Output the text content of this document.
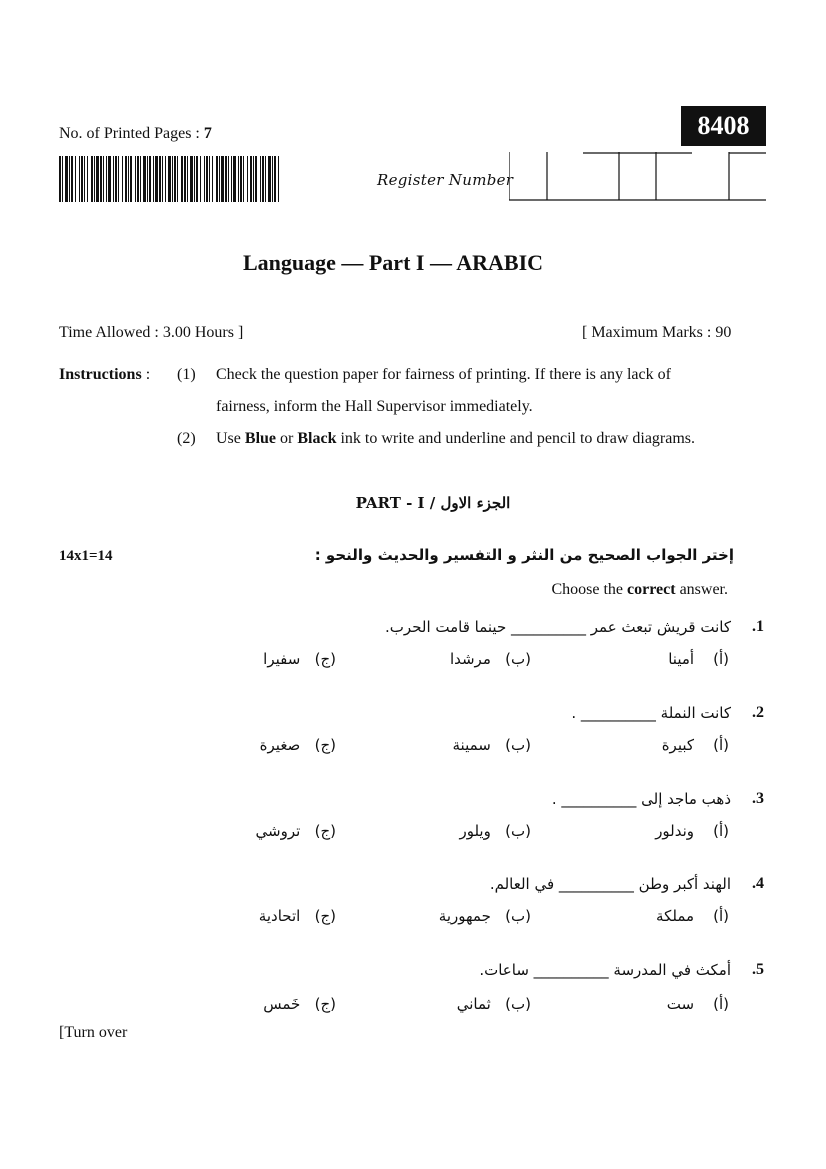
No. of Printed Pages : 7	8408
Register Number
Language — Part I — ARABIC
Time Allowed : 3.00 Hours ]	[ Maximum Marks : 90
Instructions : (1) Check the question paper for fairness of printing. If there is any lack of
fairness, inform the Hall Supervisor immediately.
(2) Use Blue or Black ink to write and underline and pencil to draw diagrams.
PART - I / الجزء الاول
14x1=14	إختر الجواب الصحيح من النثر و التفسير والحديث والنحو :
Choose the correct answer.
.1
كانت قريش تبعث عمر __________ حينما قامت الحرب.
(أ)    أمينا
(ب)   مرشدا
(ج)   سفيرا
.2
كانت النملة __________ .
(أ)    كبيرة
(ب)   سمينة
(ج)   صغيرة
.3
ذهب ماجد إلى __________ .
(أ)    وندلور
(ب)   ويلور
(ج)   تروشي
.4
الهند أكبر وطن __________ في العالم.
(أ)    مملكة
(ب)   جمهورية
(ج)   اتحادية
.5
أمكث في المدرسة __________ ساعات.
(أ)    ست
(ب)   ثماني
(ج)   خَمس
[Turn over
